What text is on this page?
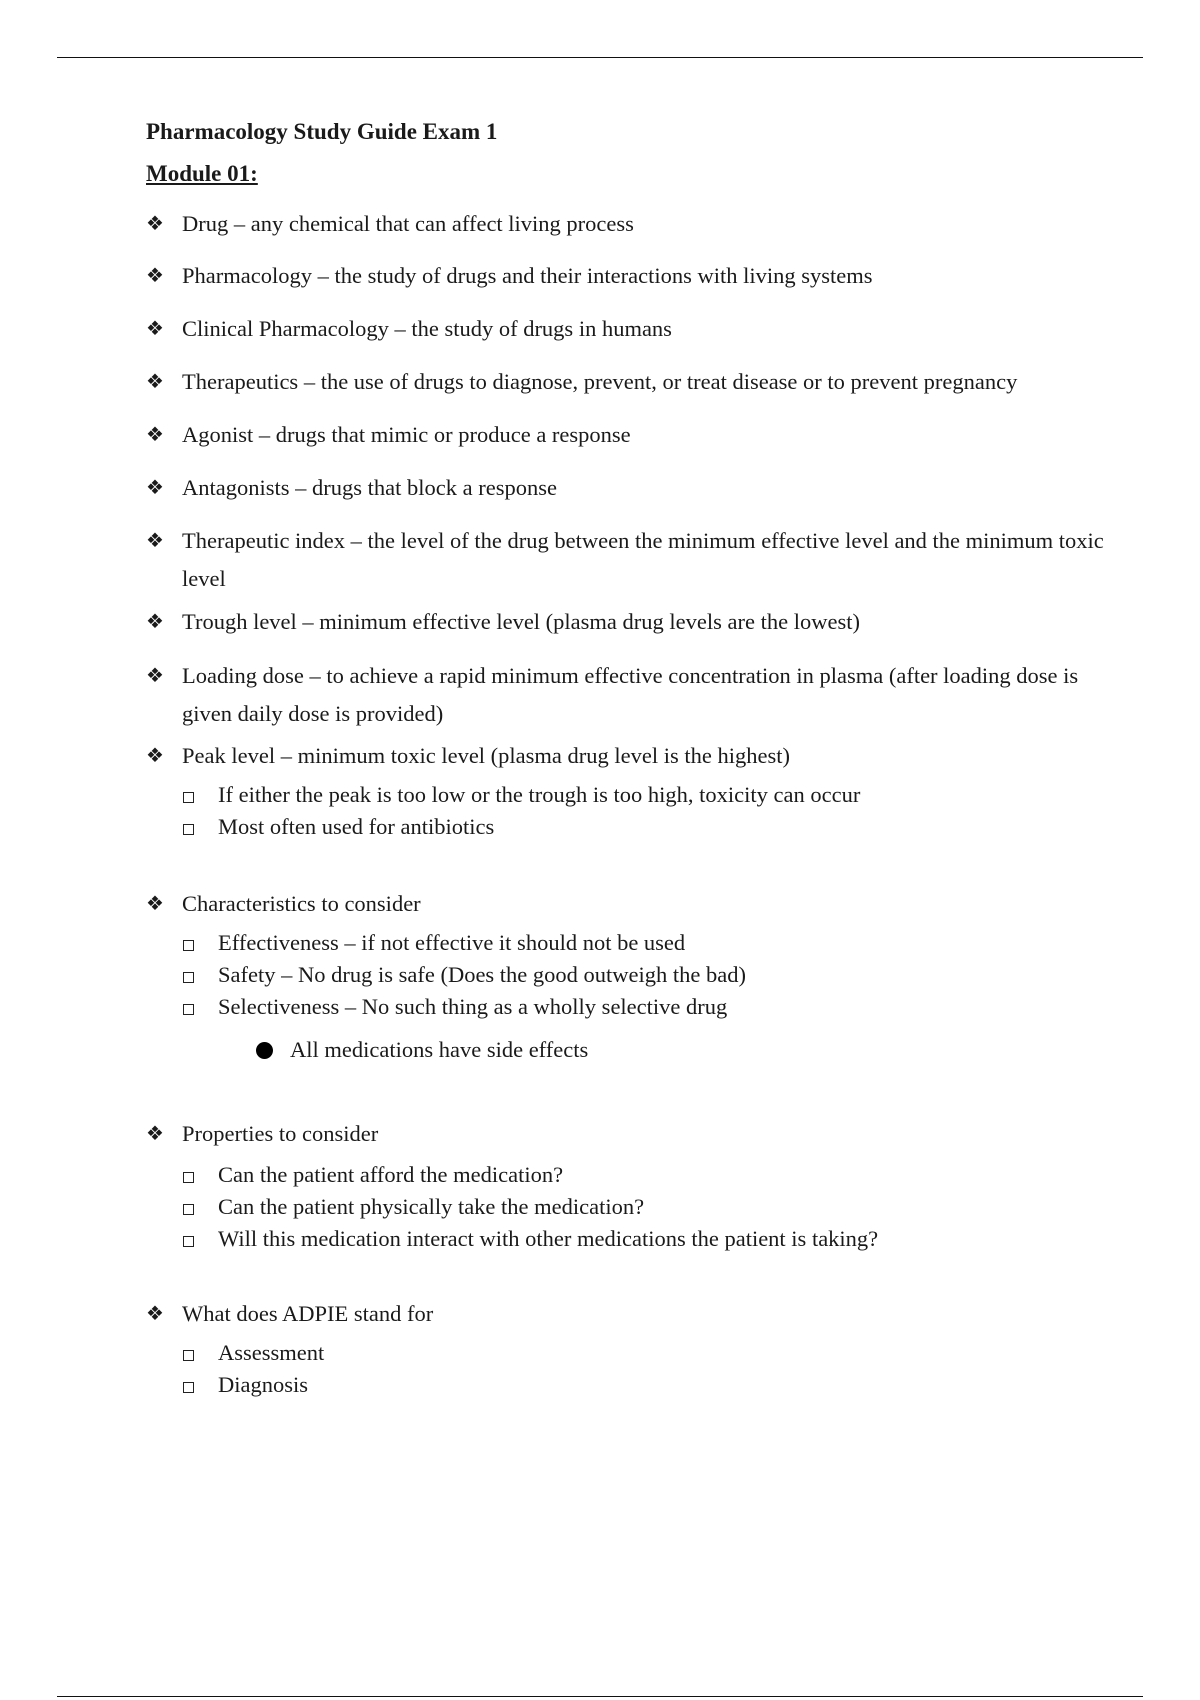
Pharmacology Study Guide Exam 1
Module 01:
❖ Drug – any chemical that can affect living process
❖ Pharmacology – the study of drugs and their interactions with living systems
❖ Clinical Pharmacology – the study of drugs in humans
❖ Therapeutics – the use of drugs to diagnose, prevent, or treat disease or to prevent pregnancy
❖ Agonist – drugs that mimic or produce a response
❖ Antagonists – drugs that block a response
❖ Therapeutic index – the level of the drug between the minimum effective level and the minimum toxic level
❖ Trough level – minimum effective level (plasma drug levels are the lowest)
❖ Loading dose – to achieve a rapid minimum effective concentration in plasma (after loading dose is given daily dose is provided)
❖ Peak level – minimum toxic level (plasma drug level is the highest)
If either the peak is too low or the trough is too high, toxicity can occur
Most often used for antibiotics
❖ Characteristics to consider
Effectiveness – if not effective it should not be used
Safety – No drug is safe (Does the good outweigh the bad)
Selectiveness – No such thing as a wholly selective drug
All medications have side effects
❖ Properties to consider
Can the patient afford the medication?
Can the patient physically take the medication?
Will this medication interact with other medications the patient is taking?
❖ What does ADPIE stand for
Assessment
Diagnosis
